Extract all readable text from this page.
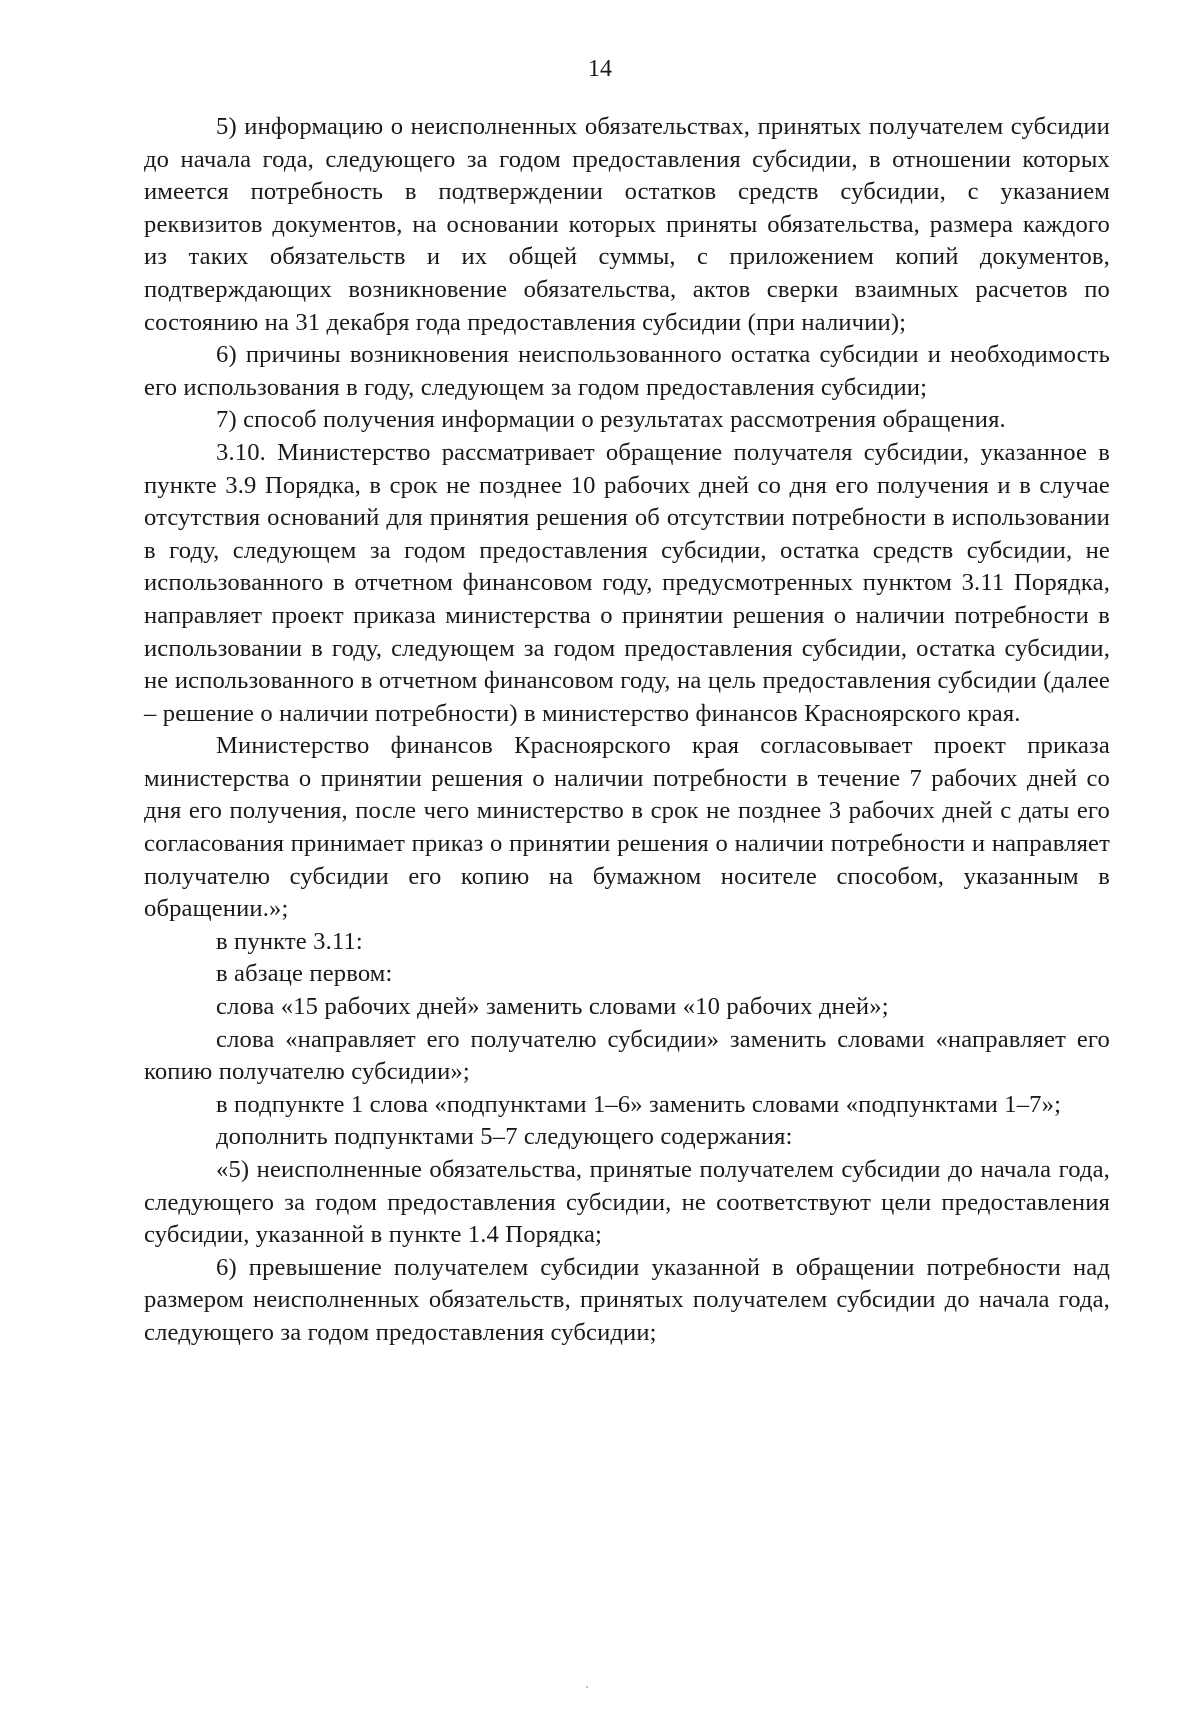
14

5) информацию о неисполненных обязательствах, принятых получателем субсидии до начала года, следующего за годом предоставления субсидии, в отношении которых имеется потребность в подтверждении остатков средств субсидии, с указанием реквизитов документов, на основании которых приняты обязательства, размера каждого из таких обязательств и их общей суммы, с приложением копий документов, подтверждающих возникновение обязательства, актов сверки взаимных расчетов по состоянию на 31 декабря года предоставления субсидии (при наличии);

6) причины возникновения неиспользованного остатка субсидии и необходимость его использования в году, следующем за годом предоставления субсидии;

7) способ получения информации о результатах рассмотрения обращения.

3.10. Министерство рассматривает обращение получателя субсидии, указанное в пункте 3.9 Порядка, в срок не позднее 10 рабочих дней со дня его получения и в случае отсутствия оснований для принятия решения об отсутствии потребности в использовании в году, следующем за годом предоставления субсидии, остатка средств субсидии, не использованного в отчетном финансовом году, предусмотренных пунктом 3.11 Порядка, направляет проект приказа министерства о принятии решения о наличии потребности в использовании в году, следующем за годом предоставления субсидии, остатка субсидии, не использованного в отчетном финансовом году, на цель предоставления субсидии (далее – решение о наличии потребности) в министерство финансов Красноярского края.

Министерство финансов Красноярского края согласовывает проект приказа министерства о принятии решения о наличии потребности в течение 7 рабочих дней со дня его получения, после чего министерство в срок не позднее 3 рабочих дней с даты его согласования принимает приказ о принятии решения о наличии потребности и направляет получателю субсидии его копию на бумажном носителе способом, указанным в обращении.»;

в пункте 3.11:

в абзаце первом:

слова «15 рабочих дней» заменить словами «10 рабочих дней»;

слова «направляет его получателю субсидии» заменить словами «направляет его копию получателю субсидии»;

в подпункте 1 слова «подпунктами 1–6» заменить словами «подпунктами 1–7»;

дополнить подпунктами 5–7 следующего содержания:

«5) неисполненные обязательства, принятые получателем субсидии до начала года, следующего за годом предоставления субсидии, не соответствуют цели предоставления субсидии, указанной в пункте 1.4 Порядка;

6) превышение получателем субсидии указанной в обращении потребности над размером неисполненных обязательств, принятых получателем субсидии до начала года, следующего за годом предоставления субсидии;
